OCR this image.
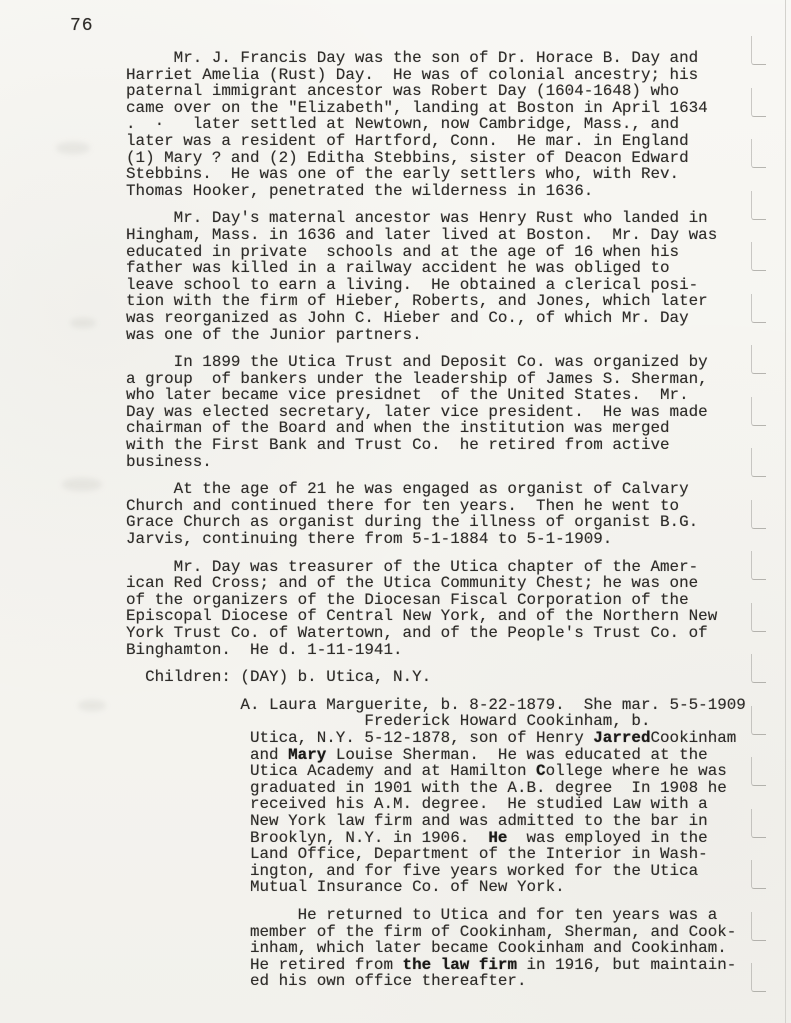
76
Mr. J. Francis Day was the son of Dr. Horace B. Day and
Harriet Amelia (Rust) Day.  He was of colonial ancestry; his
paternal immigrant ancestor was Robert Day (1604-1648) who
came over on the "Elizabeth", landing at Boston in April 1634
.  ·   later settled at Newtown, now Cambridge, Mass., and
later was a resident of Hartford, Conn.  He mar. in England
(1) Mary ? and (2) Editha Stebbins, sister of Deacon Edward
Stebbins.  He was one of the early settlers who, with Rev.
Thomas Hooker, penetrated the wilderness in 1636.
Mr. Day's maternal ancestor was Henry Rust who landed in
Hingham, Mass. in 1636 and later lived at Boston.  Mr. Day was
educated in private  schools and at the age of 16 when his
father was killed in a railway accident he was obliged to
leave school to earn a living.  He obtained a clerical posi-
tion with the firm of Hieber, Roberts, and Jones, which later
was reorganized as John C. Hieber and Co., of which Mr. Day
was one of the Junior partners.
In 1899 the Utica Trust and Deposit Co. was organized by
a group  of bankers under the leadership of James S. Sherman,
who later became vice presidnet  of the United States.  Mr.
Day was elected secretary, later vice president.  He was made
chairman of the Board and when the institution was merged
with the First Bank and Trust Co.  he retired from active
business.
At the age of 21 he was engaged as organist of Calvary
Church and continued there for ten years.  Then he went to
Grace Church as organist during the illness of organist B.G.
Jarvis, continuing there from 5-1-1884 to 5-1-1909.
Mr. Day was treasurer of the Utica chapter of the Amer-
ican Red Cross; and of the Utica Community Chest; he was one
of the organizers of the Diocesan Fiscal Corporation of the
Episcopal Diocese of Central New York, and of the Northern New
York Trust Co. of Watertown, and of the People's Trust Co. of
Binghamton.  He d. 1-11-1941.
Children: (DAY) b. Utica, N.Y.
A. Laura Marguerite, b. 8-22-1879.  She mar. 5-5-1909
Frederick Howard Cookinham, b.
Utica, N.Y. 5-12-1878, son of Henry JarredCookinham
and Mary Louise Sherman.  He was educated at the
Utica Academy and at Hamilton College where he was
graduated in 1901 with the A.B. degree  In 1908 he
received his A.M. degree.  He studied Law with a
New York law firm and was admitted to the bar in
Brooklyn, N.Y. in 1906.  He  was employed in the
Land Office, Department of the Interior in Wash-
ington, and for five years worked for the Utica
Mutual Insurance Co. of New York.
He returned to Utica and for ten years was a
member of the firm of Cookinham, Sherman, and Cook-
inham, which later became Cookinham and Cookinham.
He retired from the law firm in 1916, but maintain-
ed his own office thereafter.
